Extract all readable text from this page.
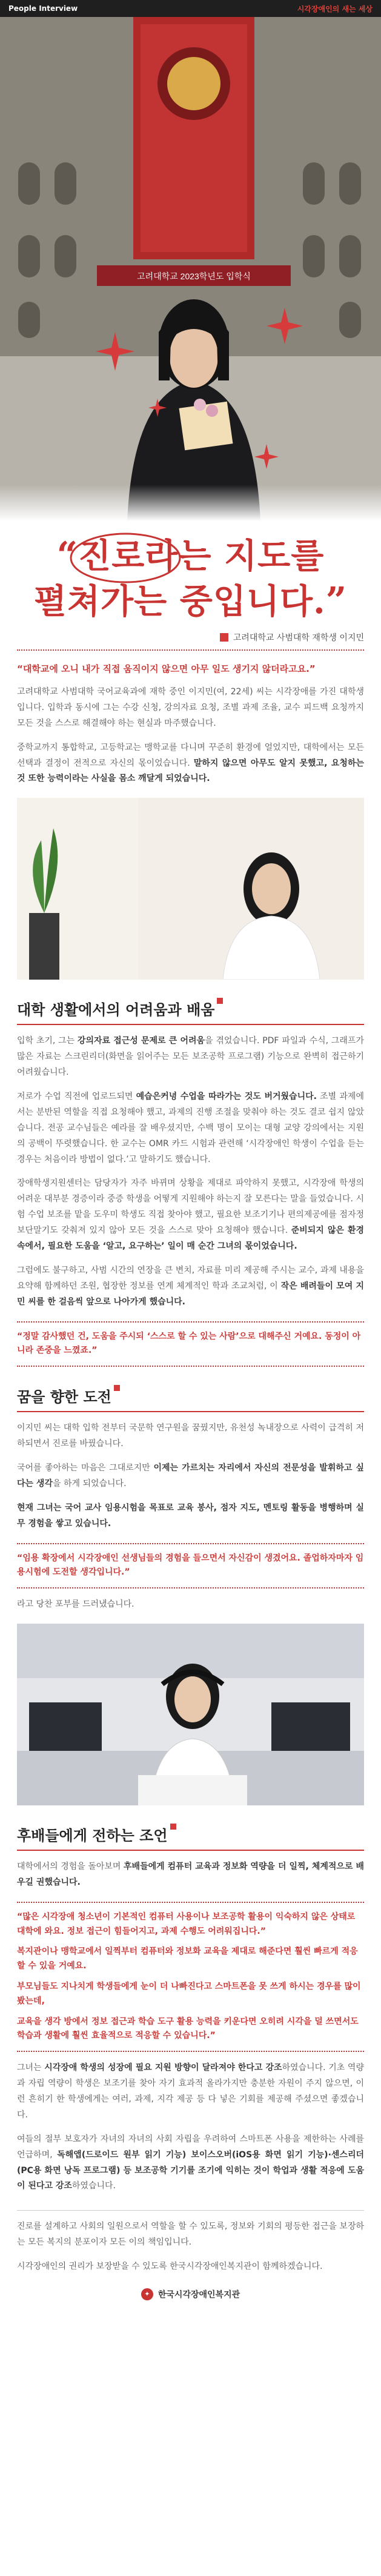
People Interview	시각장애인의 새는 세상
고려대학교 2023학년도 입학식
“
진로라는 지도를
펼쳐가는 중입니다.”
고려대학교 사범대학 재학생 이지민
“대학교에 오니 내가 직접 움직이지 않으면 아무 일도 생기지 않더라고요.”

고려대학교 사범대학 국어교육과에 재학 중인 이지민(여, 22세) 씨는 시각장애를 가진 대학생입니다. 입학과 동시에 그는 수강 신청, 강의자료 요청, 조별 과제 조율, 교수 피드백 요청까지 모든 것을 스스로 해결해야 하는 현실과 마주했습니다.

중학교까지 통합학교, 고등학교는 맹학교를 다니며 꾸준히 환경에 얼었지만, 대학에서는 모든 선택과 결정이 전적으로 자신의 몫이었습니다. 말하지 않으면 아무도 알지 못했고, 요청하는 것 또한 능력이라는 사실을 몸소 깨달게 되었습니다.

대학 생활에서의 어려움과 배움

입학 초기, 그는 강의자료 접근성 문제로 큰 어려움을 겪었습니다. PDF 파일과 수식, 그래프가 많은 자료는 스크린리더(화면을 읽어주는 모든 보조공학 프로그램) 기능으로 완벽히 접근하기 어려웠습니다.

저로가 수업 직전에 업로드되면 예습은커녕 수업을 따라가는 것도 버거웠습니다. 조별 과제에서는 분반된 역할을 직접 요청해야 했고, 과제의 진행 조절을 맞춰야 하는 것도 결코 쉽지 않았습니다. 전공 교수님들은 예라를 잘 배우셨지만, 수백 명이 모이는 대형 교양 강의에서는 지원의 공백이 뚜렷했습니다. 한 교수는 OMR 카드 시험과 관련해 ‘시각장애인 학생이 수업을 듣는 경우는 처음이라 방법이 없다.’고 말하기도 했습니다.

장애학생지원센터는 담당자가 자주 바뀌며 상황을 제대로 파악하지 못했고, 시각장애 학생의 어려운 대부분 경증이라 중증 학생을 어떻게 지원해야 하는지 잘 모른다는 말을 들었습니다. 시험 수업 보조를 맡을 도우미 학생도 직접 찾아야 했고, 필요한 보조기기나 편의제공에를 점자정보단말기도 갖춰져 있지 않아 모든 것을 스스로 맞아 요청해야 했습니다. 준비되지 않은 환경 속에서, 필요한 도움을 ‘알고, 요구하는’ 일이 매 순간 그녀의 몫이었습니다.

그럼에도 불구하고, 사범 시간의 연장을 큰 변치, 자료를 미리 제공해 주시는 교수, 과제 내용을 요약해 함께하던 조원, 협장한 정보를 연계 체계적인 학과 조교처럼, 이 작은 배려들이 모여 지민 씨를 한 걸음씩 앞으로 나아가게 했습니다.

“정말 감사했던 건, 도움을 주시되 ‘스스로 할 수 있는 사람’으로 대해주신 거예요. 동정이 아니라 존중을 느꼈죠.”
꿈을 향한 도전

이지민 씨는 대학 입학 전부터 국문학 연구원을 꿈꿨지만, 유천성 녹내장으로 사력이 급격히 저하되면서 진로를 바꿨습니다.

국어를 좋아하는 마음은 그대로지만 이제는 가르치는 자리에서 자신의 전문성을 발휘하고 싶다는 생각을 하게 되었습니다.

현재 그녀는 국어 교사 임용시험을 목표로 교육 봉사, 점자 지도, 멘토링 활동을 병행하며 실무 경험을 쌓고 있습니다.

“임용 확장에서 시각장애인 선생님들의 경험을 들으면서 자신감이 생겼어요. 졸업하자마자 임용시험에 도전할 생각입니다.”

라고 당찬 포부를 드러냈습니다.

후배들에게 전하는 조언

대학에서의 경험을 돌아보며 후배들에게 컴퓨터 교육과 정보화 역량을 더 일찍, 체계적으로 배우길 권했습니다.

“많은 시각장애 청소년이 기본적인 컴퓨터 사용이나 보조공학 활용이 익숙하지 않은 상태로 대학에 와요. 정보 접근이 힘들어지고, 과제 수행도 어려워집니다.”
복지관이나 맹학교에서 일찍부터 컴퓨터와 정보화 교육을 제대로 해준다면 훨씬 빠르게 적응할 수 있을 거예요.
부모님들도 지나치게 학생들에게 눈이 더 나빠진다고 스마트폰을 못 쓰게 하시는 경우를 많이 봤는데,
교육을 생각 방에서 정보 접근과 학습 도구 활용 능력을 키운다면 오히려 시각을 덜 쓰면서도 학습과 생활에 훨씬 효율적으로 적응할 수 있습니다.”

그녀는 시각장애 학생의 성장에 필요 지원 방향이 달라져야 한다고 강조하였습니다. 기초 역량과 자립 역량이 학생은 보조기를 찾아 자기 효과적 올라가지만 충분한 자원이 주지 않으면, 이런 흔히기 한 학생에게는 여러, 과제, 지각 제공 등 다 넣은 기회를 제공해 주셨으면 좋겠습니다.

여들의 절부 보호자가 자녀의 자녀의 사회 자립을 우려하여 스마트폰 사용을 제한하는 사례를 언급하며, 독해앱(드로이드 원부 읽기 기능) 보이스오버(iOS용 화면 읽기 기능)·센스리더(PC용 화면 낭독 프로그램) 등 보조공학 기기를 조기에 익히는 것이 학업과 생활 적응에 도움이 된다고 강조하였습니다.

진로를 설계하고 사회의 일원으로서 역할을 할 수 있도록, 정보와 기회의 평등한 접근을 보장하는 모든 복지의 분포이자 모든 이의 책임입니다.

시각장애인의 권리가 보장받을 수 있도록 한국시각장애인복지관이 함께하겠습니다.

✦ 한국시각장애인복지관
